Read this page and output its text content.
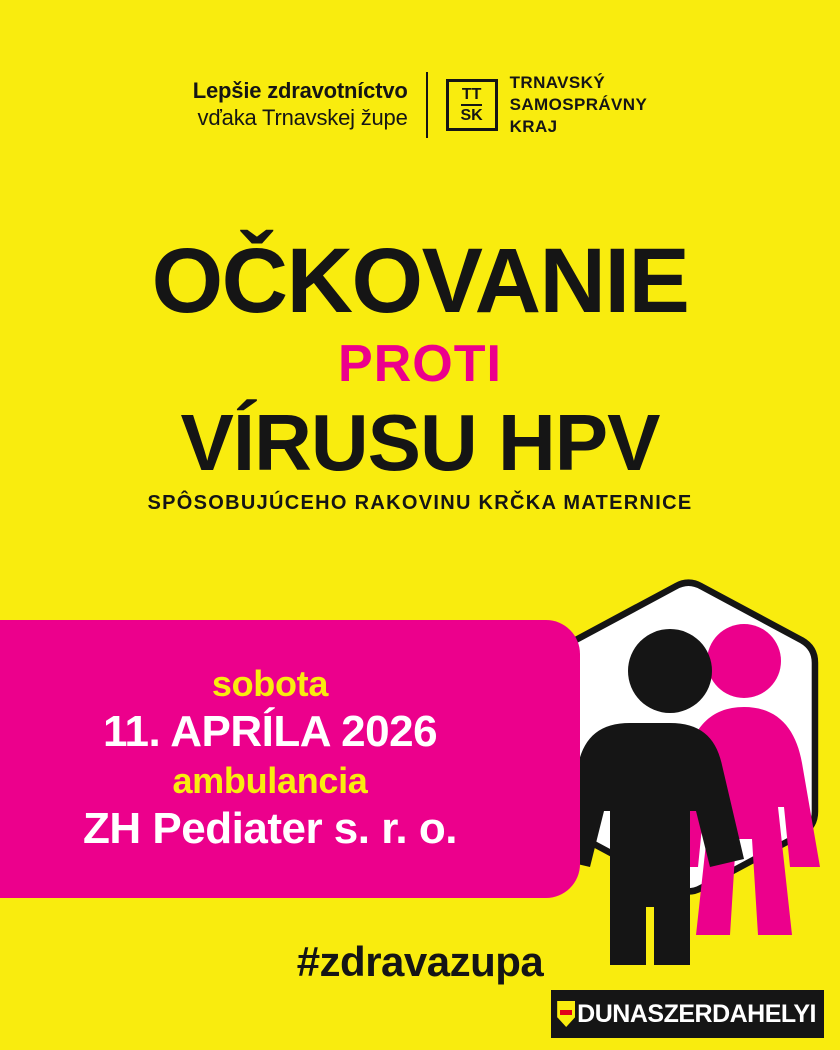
Lepšie zdravotníctvo
vďaka Trnavskej župe
TT
SK
TRNAVSKÝ
SAMOSPRÁVNY
KRAJ
OČKOVANIE
PROTI
VÍRUSU HPV
SPÔSOBUJÚCEHO RAKOVINU KRČKA MATERNICE
sobota
11. APRÍLA 2026
ambulancia
ZH Pediater s. r. o.
#zdravazupa
DUNASZERDAHELYI
